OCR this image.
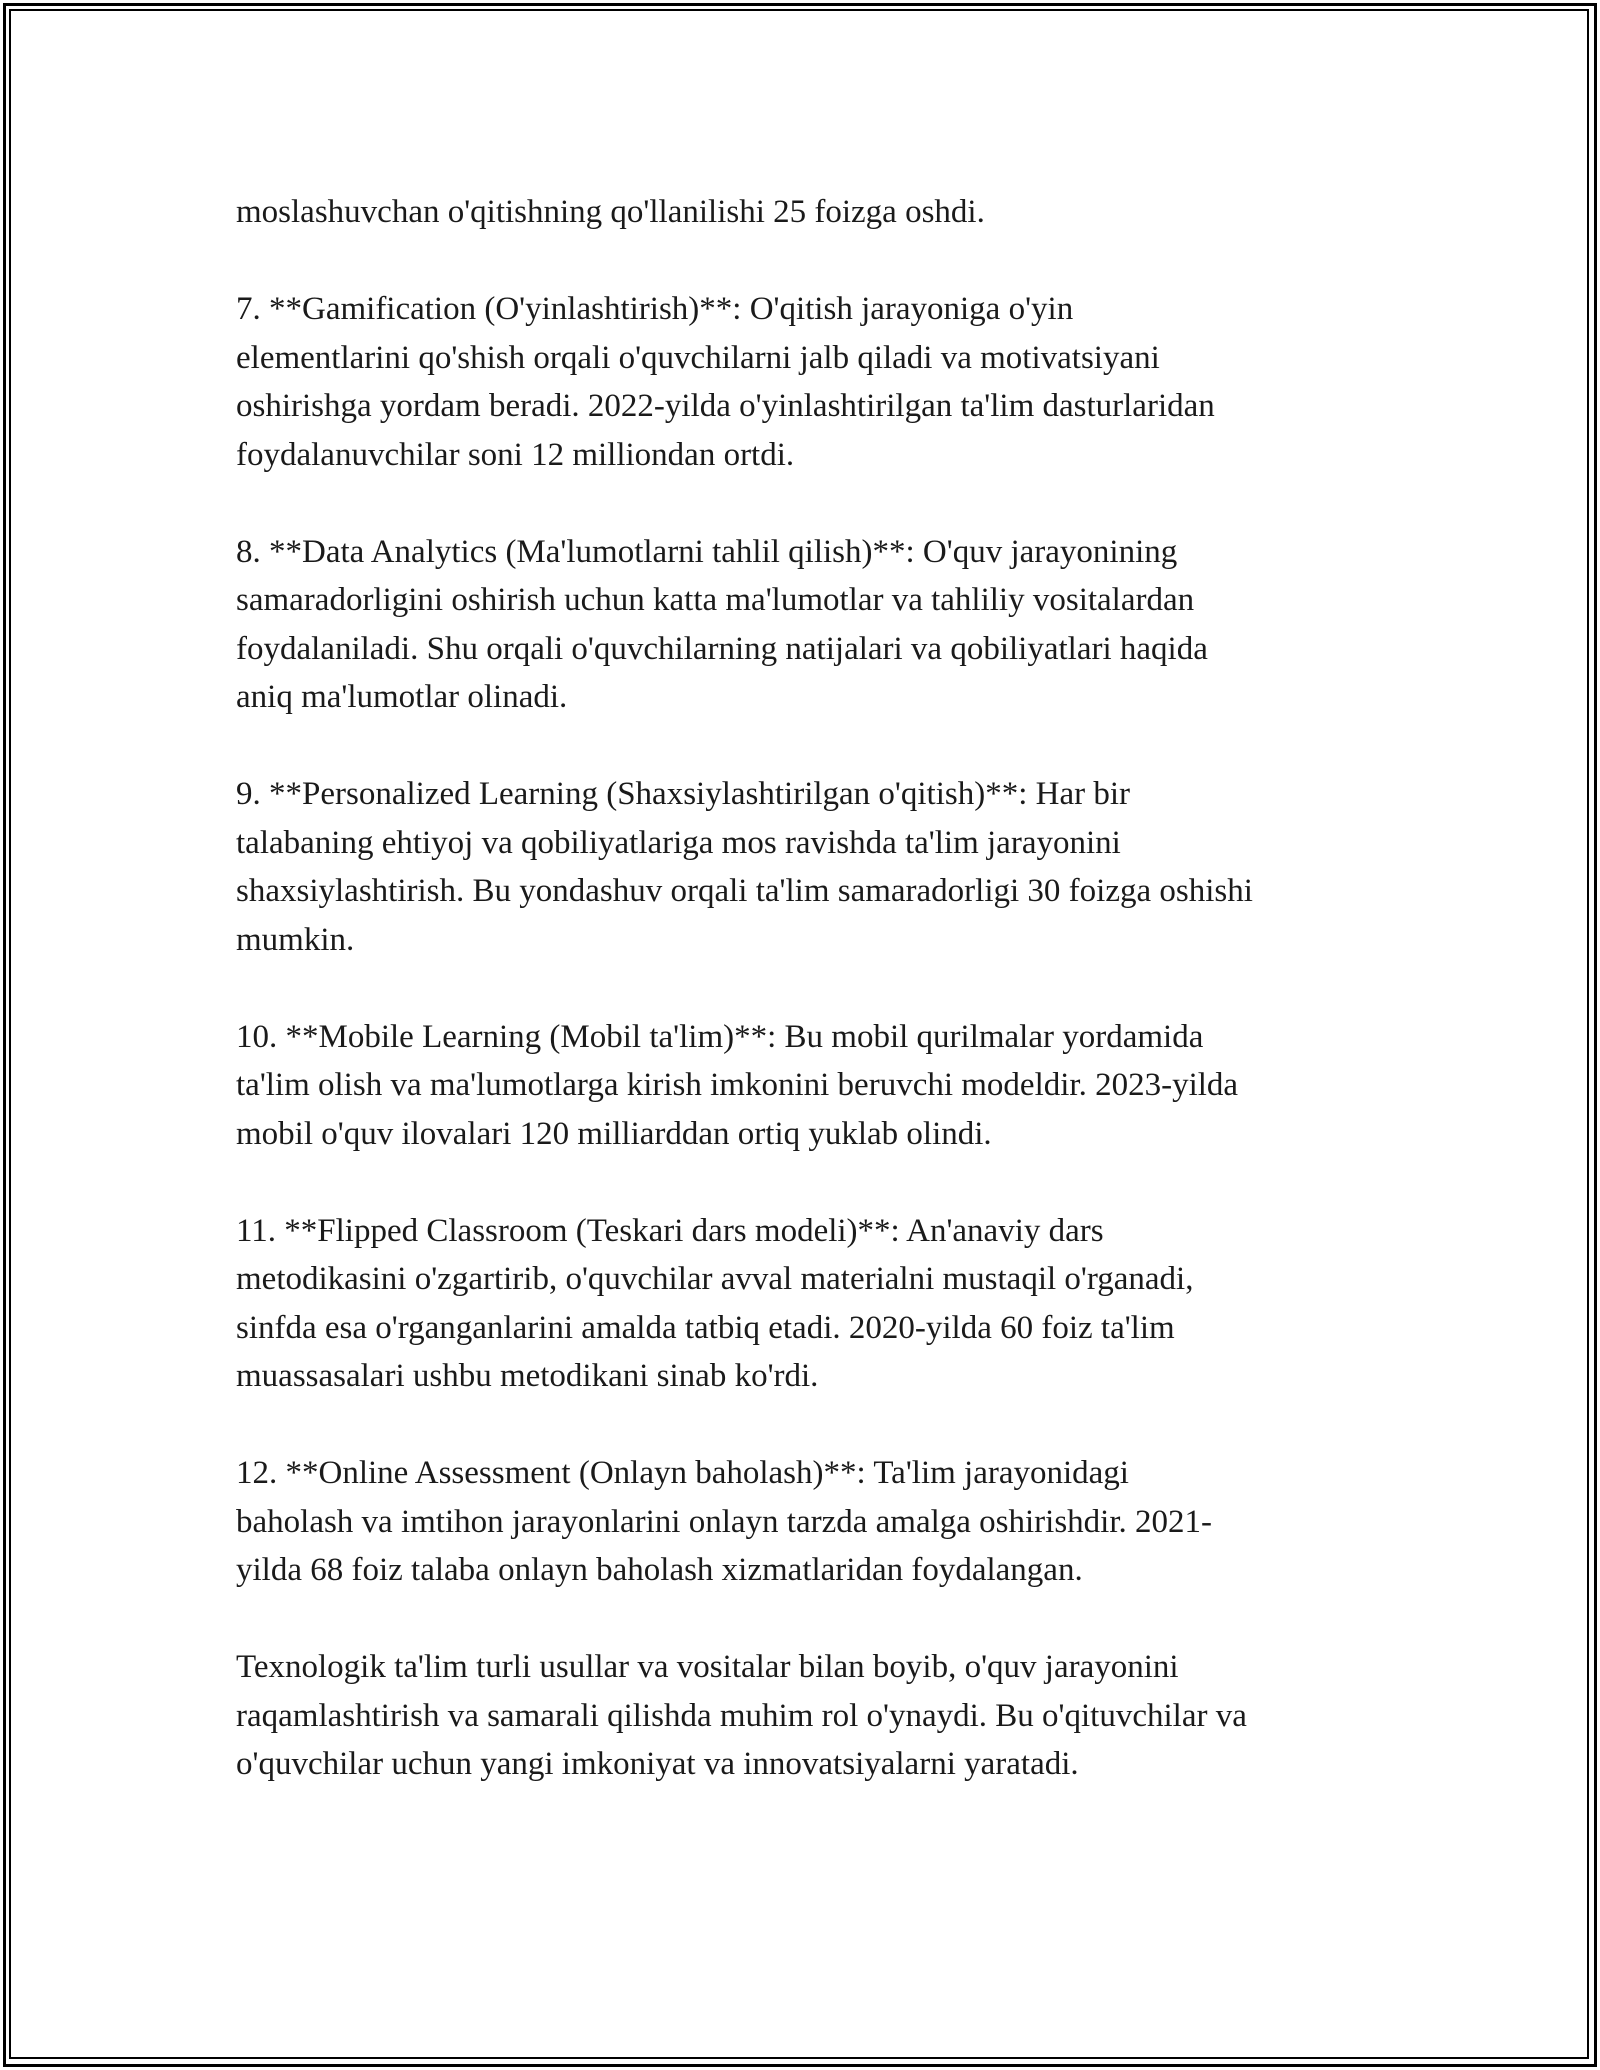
moslashuvchan o'qitishning qo'llanilishi 25 foizga oshdi.

7. **Gamification (O'yinlashtirish)**: O'qitish jarayoniga o'yin
elementlarini qo'shish orqali o'quvchilarni jalb qiladi va motivatsiyani
oshirishga yordam beradi. 2022-yilda o'yinlashtirilgan ta'lim dasturlaridan
foydalanuvchilar soni 12 milliondan ortdi.

8. **Data Analytics (Ma'lumotlarni tahlil qilish)**: O'quv jarayonining
samaradorligini oshirish uchun katta ma'lumotlar va tahliliy vositalardan
foydalaniladi. Shu orqali o'quvchilarning natijalari va qobiliyatlari haqida
aniq ma'lumotlar olinadi.

9. **Personalized Learning (Shaxsiylashtirilgan o'qitish)**: Har bir
talabaning ehtiyoj va qobiliyatlariga mos ravishda ta'lim jarayonini
shaxsiylashtirish. Bu yondashuv orqali ta'lim samaradorligi 30 foizga oshishi
mumkin.

10. **Mobile Learning (Mobil ta'lim)**: Bu mobil qurilmalar yordamida
ta'lim olish va ma'lumotlarga kirish imkonini beruvchi modeldir. 2023-yilda
mobil o'quv ilovalari 120 milliarddan ortiq yuklab olindi.

11. **Flipped Classroom (Teskari dars modeli)**: An'anaviy dars
metodikasini o'zgartirib, o'quvchilar avval materialni mustaqil o'rganadi,
sinfda esa o'rganganlarini amalda tatbiq etadi. 2020-yilda 60 foiz ta'lim
muassasalari ushbu metodikani sinab ko'rdi.

12. **Online Assessment (Onlayn baholash)**: Ta'lim jarayonidagi
baholash va imtihon jarayonlarini onlayn tarzda amalga oshirishdir. 2021-
yilda 68 foiz talaba onlayn baholash xizmatlaridan foydalangan.

Texnologik ta'lim turli usullar va vositalar bilan boyib, o'quv jarayonini
raqamlashtirish va samarali qilishda muhim rol o'ynaydi. Bu o'qituvchilar va
o'quvchilar uchun yangi imkoniyat va innovatsiyalarni yaratadi.
